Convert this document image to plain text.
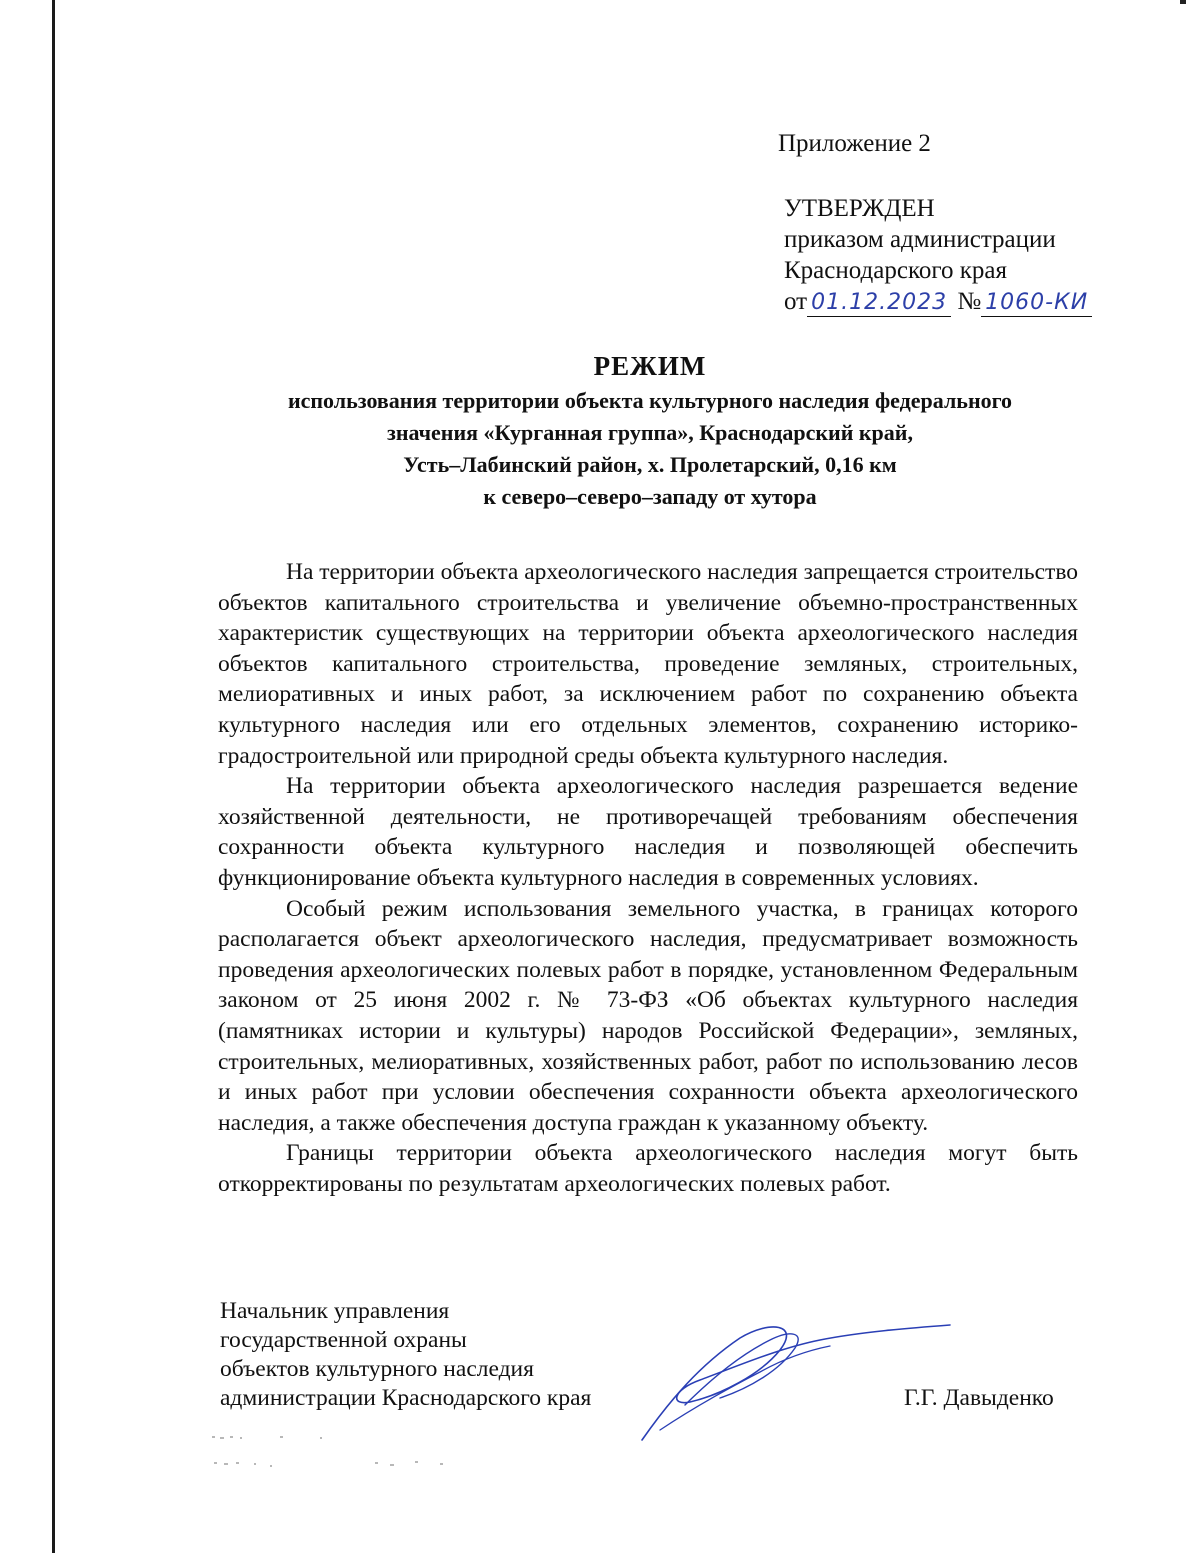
Приложение 2
УТВЕРЖДЕН
приказом администрации
Краснодарского края
от 01.12.2023 № 1060-КИ
РЕЖИМ
использования территории объекта культурного наследия федерального
значения «Курганная группа», Краснодарский край,
Усть–Лабинский район, х. Пролетарский, 0,16 км
к северо–северо–западу от хутора

На территории объекта археологического наследия запрещается строительство объектов капитального строительства и увеличение объемно-пространственных характеристик существующих на территории объекта археологического наследия объектов капитального строительства, проведение земляных, строительных, мелиоративных и иных работ, за исключением работ по сохранению объекта культурного наследия или его отдельных элементов, сохранению историко-градостроительной или природной среды объекта культурного наследия.

На территории объекта археологического наследия разрешается ведение хозяйственной деятельности, не противоречащей требованиям обеспечения сохранности объекта культурного наследия и позволяющей обеспечить функционирование объекта культурного наследия в современных условиях.

Особый режим использования земельного участка, в границах которого располагается объект археологического наследия, предусматривает возможность проведения археологических полевых работ в порядке, установленном Федеральным законом от 25 июня 2002 г. № 73-ФЗ «Об объектах культурного наследия (памятниках истории и культуры) народов Российской Федерации», земляных, строительных, мелиоративных, хозяйственных работ, работ по использованию лесов и иных работ при условии обеспечения сохранности объекта археологического наследия, а также обеспечения доступа граждан к указанному объекту.

Границы территории объекта археологического наследия могут быть откорректированы по результатам археологических полевых работ.

Начальник управления
государственной охраны
объектов культурного наследия
администрации Краснодарского края	Г.Г. Давыденко
